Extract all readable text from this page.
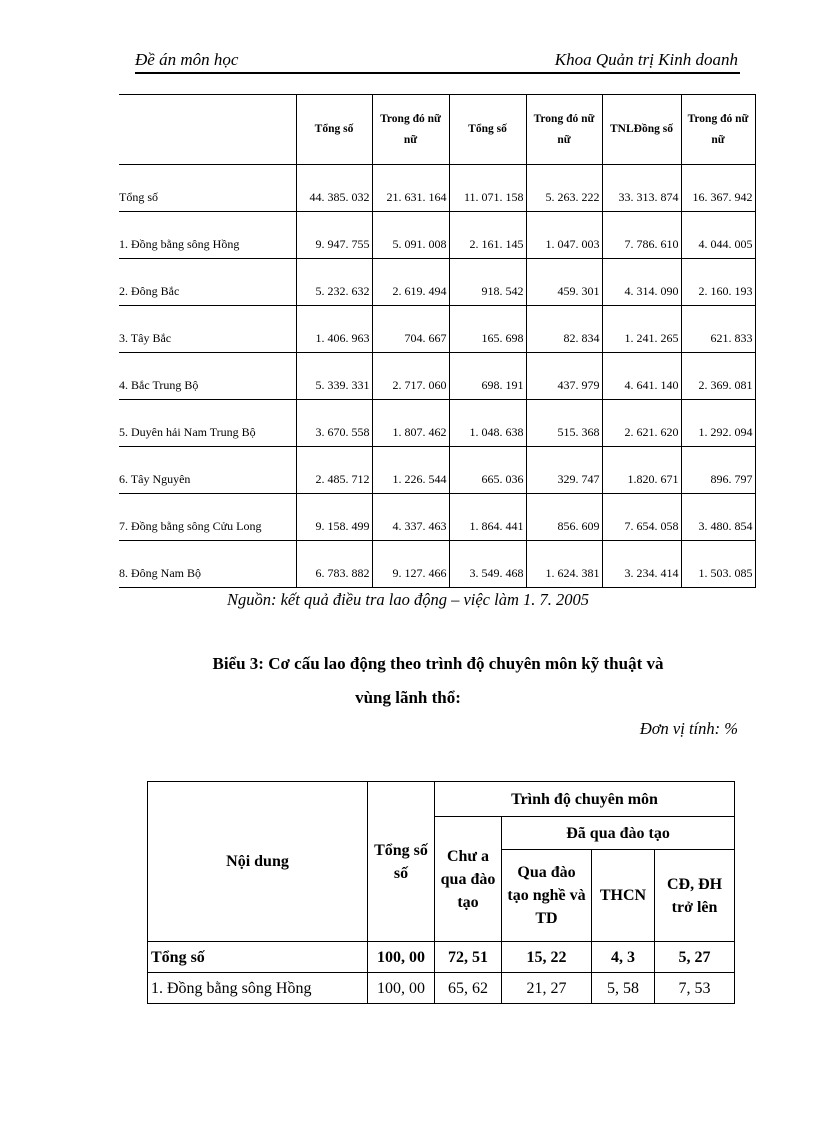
Đề án môn học	Khoa Quản trị Kinh doanh
	Tổng số	Trong đó nữ nữ	Tổng số	Trong đó nữ nữ	TNLĐồng số	Trong đó nữ nữ
Tổng số	44. 385. 032	21. 631. 164	11. 071. 158	5. 263. 222	33. 313. 874	16. 367. 942
1. Đồng bằng sông Hồng	9. 947. 755	5. 091. 008	2. 161. 145	1. 047. 003	7. 786. 610	4. 044. 005
2. Đông Bắc	5. 232. 632	2. 619. 494	918. 542	459. 301	4. 314. 090	2. 160. 193
3. Tây Bắc	1. 406. 963	704. 667	165. 698	82. 834	1. 241. 265	621. 833
4. Bắc Trung Bộ	5. 339. 331	2. 717. 060	698. 191	437. 979	4. 641. 140	2. 369. 081
5. Duyên hải Nam Trung Bộ	3. 670. 558	1. 807. 462	1. 048. 638	515. 368	2. 621. 620	1. 292. 094
6. Tây Nguyên	2. 485. 712	1. 226. 544	665. 036	329. 747	1.820. 671	896. 797
7. Đồng bằng sông Cửu Long	9. 158. 499	4. 337. 463	1. 864. 441	856. 609	7. 654. 058	3. 480. 854
8. Đông Nam Bộ	6. 783. 882	9. 127. 466	3. 549. 468	1. 624. 381	3. 234. 414	1. 503. 085
Nguồn: kết quả điều tra lao động – việc làm 1. 7. 2005
Biểu 3: Cơ cấu lao động theo trình độ chuyên môn kỹ thuật và
vùng lãnh thổ:
Đơn vị tính: %
Nội dung	Tổng số số	Trình độ chuyên môn			
		Chư a qua đào tạo	Đã qua đào tạo		
			Qua đào tạo nghề và TD	THCN	CĐ, ĐH trở lên

Tổng số	100, 00	72, 51	15, 22	4, 3	5, 27
1. Đồng bằng sông Hồng	100, 00	65, 62	21, 27	5, 58	7, 53
